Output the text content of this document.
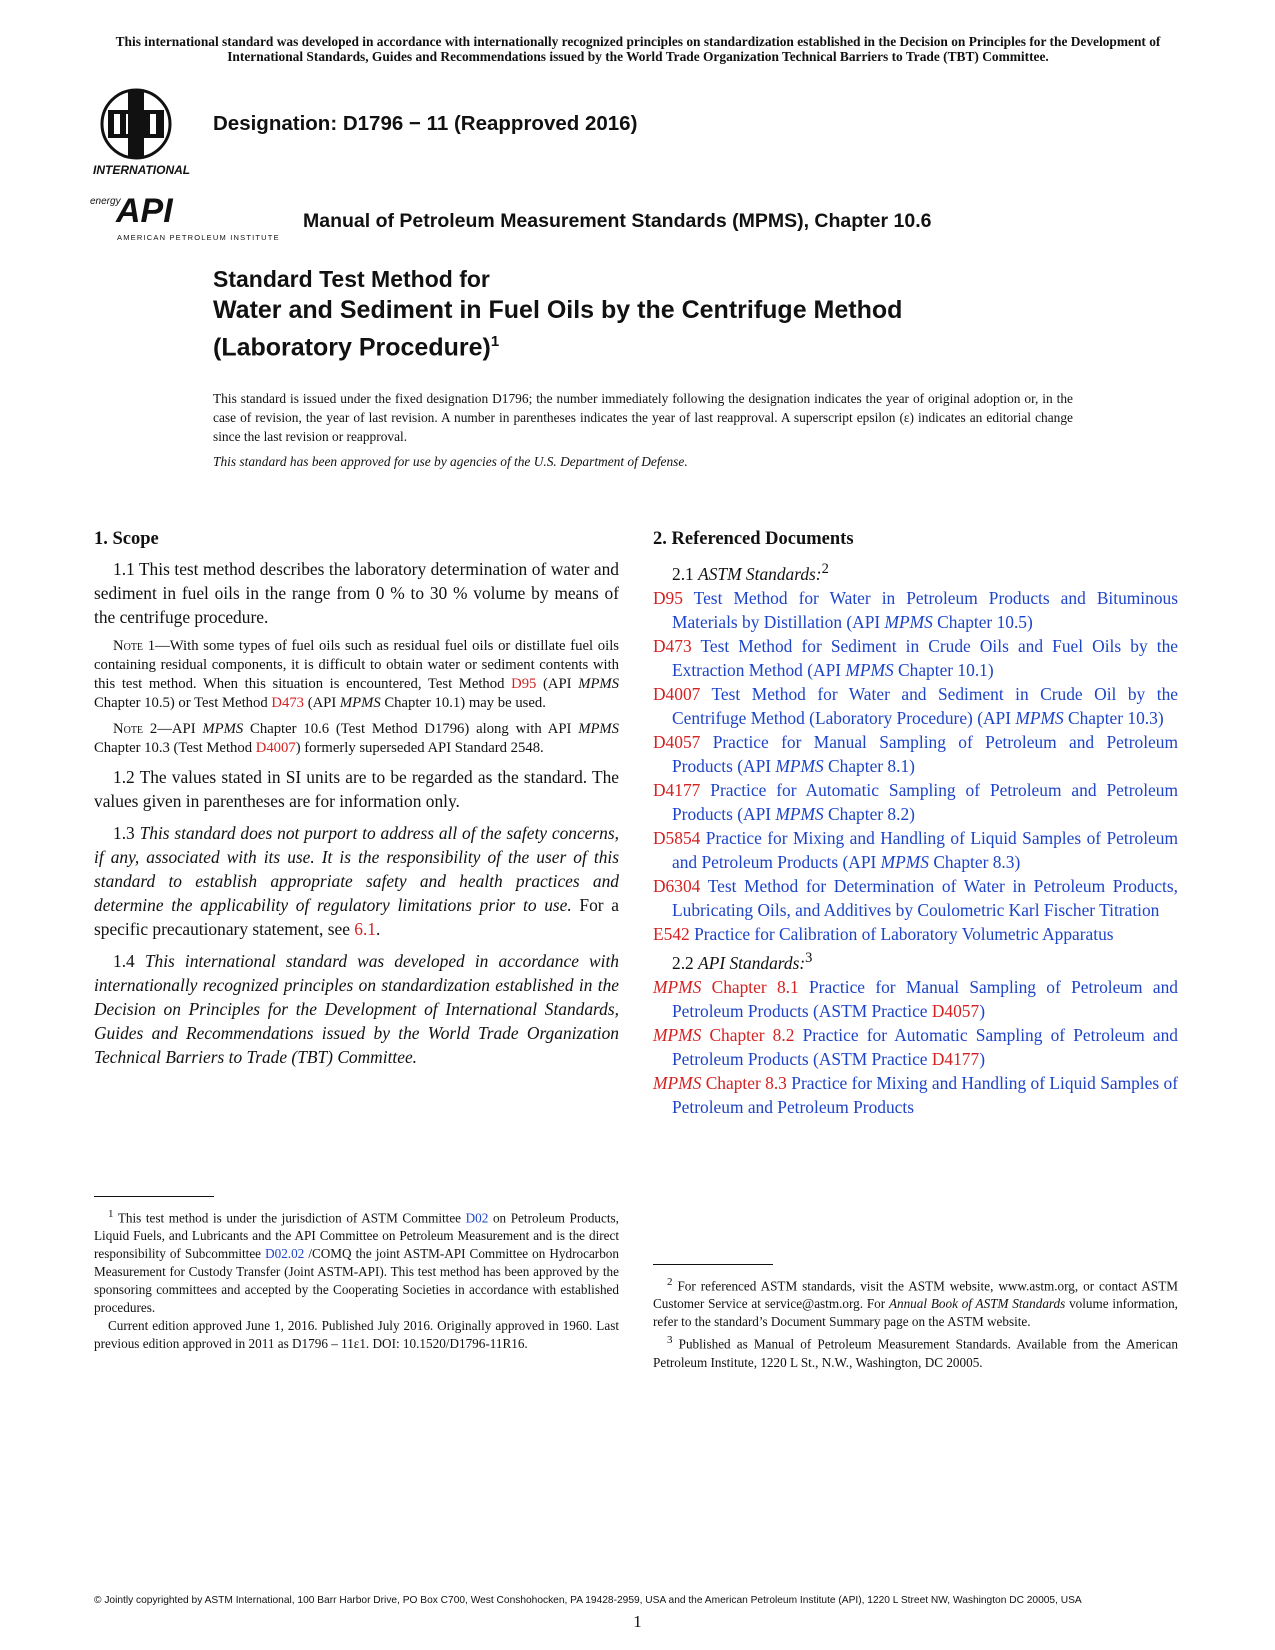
This international standard was developed in accordance with internationally recognized principles on standardization established in the Decision on Principles for the Development of International Standards, Guides and Recommendations issued by the World Trade Organization Technical Barriers to Trade (TBT) Committee.
INTERNATIONAL
Designation: D1796 − 11 (Reapproved 2016)
energy
API
AMERICAN PETROLEUM INSTITUTE
Manual of Petroleum Measurement Standards (MPMS), Chapter 10.6
Standard Test Method for
Water and Sediment in Fuel Oils by the Centrifuge Method
(Laboratory Procedure)$^1$
This standard is issued under the fixed designation D1796; the number immediately following the designation indicates the year of original adoption or, in the case of revision, the year of last revision. A number in parentheses indicates the year of last reapproval. A superscript epsilon (ε) indicates an editorial change since the last revision or reapproval.
This standard has been approved for use by agencies of the U.S. Department of Defense.
1. Scope

1.1 This test method describes the laboratory determination of water and sediment in fuel oils in the range from 0 % to 30 % volume by means of the centrifuge procedure.

Note 1—With some types of fuel oils such as residual fuel oils or distillate fuel oils containing residual components, it is difficult to obtain water or sediment contents with this test method. When this situation is encountered, Test Method D95 (API MPMS Chapter 10.5) or Test Method D473 (API MPMS Chapter 10.1) may be used.

Note 2—API MPMS Chapter 10.6 (Test Method D1796) along with API MPMS Chapter 10.3 (Test Method D4007) formerly superseded API Standard 2548.

1.2 The values stated in SI units are to be regarded as the standard. The values given in parentheses are for information only.

1.3 This standard does not purport to address all of the safety concerns, if any, associated with its use. It is the responsibility of the user of this standard to establish appropriate safety and health practices and determine the applicability of regulatory limitations prior to use. For a specific precautionary statement, see 6.1.

1.4 This international standard was developed in accordance with internationally recognized principles on standardization established in the Decision on Principles for the Development of International Standards, Guides and Recommendations issued by the World Trade Organization Technical Barriers to Trade (TBT) Committee.

2. Referenced Documents
2.1 ASTM Standards:$^2$
D95 Test Method for Water in Petroleum Products and Bituminous Materials by Distillation (API MPMS Chapter 10.5)
D473 Test Method for Sediment in Crude Oils and Fuel Oils by the Extraction Method (API MPMS Chapter 10.1)
D4007 Test Method for Water and Sediment in Crude Oil by the Centrifuge Method (Laboratory Procedure) (API MPMS Chapter 10.3)
D4057 Practice for Manual Sampling of Petroleum and Petroleum Products (API MPMS Chapter 8.1)
D4177 Practice for Automatic Sampling of Petroleum and Petroleum Products (API MPMS Chapter 8.2)
D5854 Practice for Mixing and Handling of Liquid Samples of Petroleum and Petroleum Products (API MPMS Chapter 8.3)
D6304 Test Method for Determination of Water in Petroleum Products, Lubricating Oils, and Additives by Coulometric Karl Fischer Titration
E542 Practice for Calibration of Laboratory Volumetric Apparatus
2.2 API Standards:$^3$
MPMS Chapter 8.1 Practice for Manual Sampling of Petroleum and Petroleum Products (ASTM Practice D4057)
MPMS Chapter 8.2 Practice for Automatic Sampling of Petroleum and Petroleum Products (ASTM Practice D4177)
MPMS Chapter 8.3 Practice for Mixing and Handling of Liquid Samples of Petroleum and Petroleum Products

$^1$ This test method is under the jurisdiction of ASTM Committee D02 on Petroleum Products, Liquid Fuels, and Lubricants and the API Committee on Petroleum Measurement and is the direct responsibility of Subcommittee D02.02 /COMQ the joint ASTM-API Committee on Hydrocarbon Measurement for Custody Transfer (Joint ASTM-API). This test method has been approved by the sponsoring committees and accepted by the Cooperating Societies in accordance with established procedures.

Current edition approved June 1, 2016. Published July 2016. Originally approved in 1960. Last previous edition approved in 2011 as D1796 – 11ε1. DOI: 10.1520/D1796-11R16.

$^2$ For referenced ASTM standards, visit the ASTM website, www.astm.org, or contact ASTM Customer Service at service@astm.org. For Annual Book of ASTM Standards volume information, refer to the standard’s Document Summary page on the ASTM website.

$^3$ Published as Manual of Petroleum Measurement Standards. Available from the American Petroleum Institute, 1220 L St., N.W., Washington, DC 20005.

© Jointly copyrighted by ASTM International, 100 Barr Harbor Drive, PO Box C700, West Conshohocken, PA 19428-2959, USA and the American Petroleum Institute (API), 1220 L Street NW, Washington DC 20005, USA
1
